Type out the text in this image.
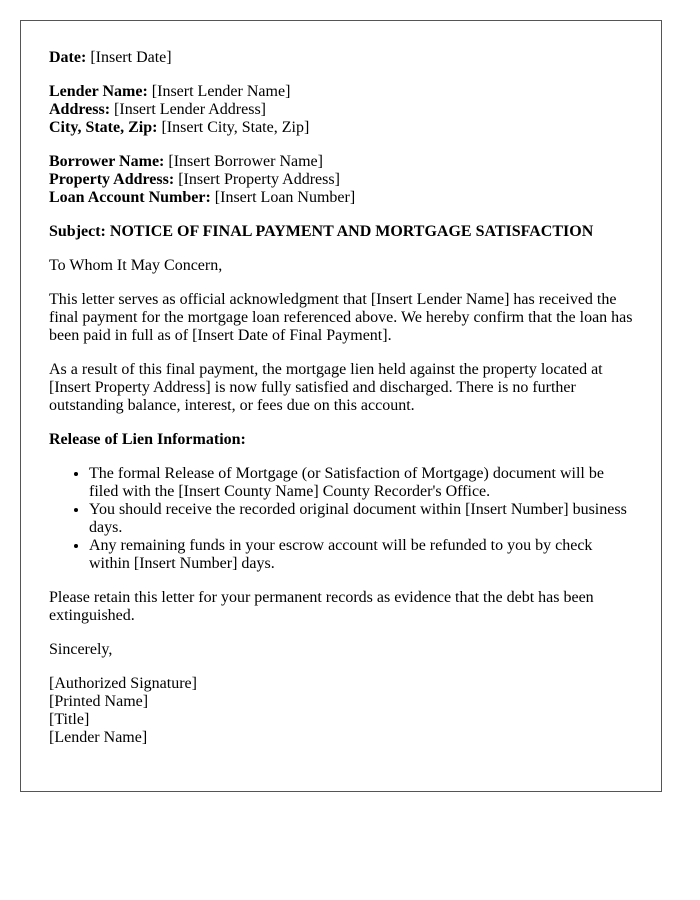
Date: [Insert Date]

Lender Name: [Insert Lender Name]
Address: [Insert Lender Address]
City, State, Zip: [Insert City, State, Zip]

Borrower Name: [Insert Borrower Name]
Property Address: [Insert Property Address]
Loan Account Number: [Insert Loan Number]

Subject: NOTICE OF FINAL PAYMENT AND MORTGAGE SATISFACTION

To Whom It May Concern,

This letter serves as official acknowledgment that [Insert Lender Name] has received the final payment for the mortgage loan referenced above. We hereby confirm that the loan has been paid in full as of [Insert Date of Final Payment].

As a result of this final payment, the mortgage lien held against the property located at [Insert Property Address] is now fully satisfied and discharged. There is no further outstanding balance, interest, or fees due on this account.

Release of Lien Information:

• The formal Release of Mortgage (or Satisfaction of Mortgage) document will be filed with the [Insert County Name] County Recorder's Office.
• You should receive the recorded original document within [Insert Number] business days.
• Any remaining funds in your escrow account will be refunded to you by check within [Insert Number] days.

Please retain this letter for your permanent records as evidence that the debt has been extinguished.

Sincerely,

[Authorized Signature]
[Printed Name]
[Title]
[Lender Name]
